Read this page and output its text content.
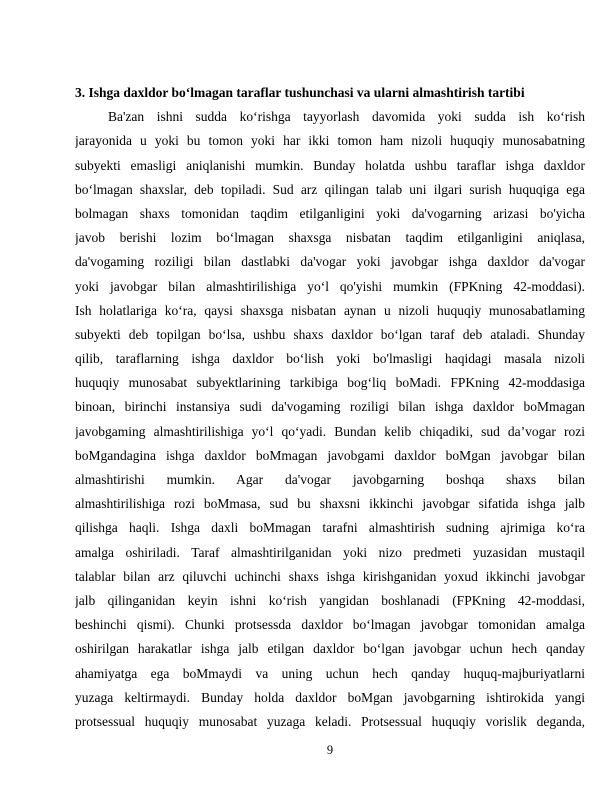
3. Ishga daxldor boʻlmagan taraflar tushunchasi va ularni almashtirish tartibi
Ba'zan ishni sudda koʻrishga tayyorlash davomida yoki sudda ish koʻrish
jarayonida u yoki bu tomon yoki har ikki tomon ham nizoli huquqiy munosabatning
subyekti emasligi aniqlanishi mumkin. Bunday holatda ushbu taraflar ishga daxldor
boʻlmagan shaxslar, deb topiladi. Sud arz qilingan talab uni ilgari surish huquqiga ega
bolmagan shaxs tomonidan taqdim etilganligini yoki da'vogarning arizasi bo'yicha
javob berishi lozim boʻlmagan shaxsga nisbatan taqdim etilganligini aniqlasa,
da'vogaming roziligi bilan dastlabki da'vogar yoki javobgar ishga daxldor da'vogar
yoki javobgar bilan almashtirilishiga yoʻl qo'yishi mumkin (FPKning 42-moddasi).
Ish holatlariga koʻra, qaysi shaxsga nisbatan aynan u nizoli huquqiy munosabatlaming
subyekti deb topilgan boʻlsa, ushbu shaxs daxldor boʻlgan taraf deb ataladi. Shunday
qilib, taraflarning ishga daxldor boʻlish yoki bo'lmasligi haqidagi masala nizoli
huquqiy munosabat subyektlarining tarkibiga bogʻliq boMadi. FPKning 42-moddasiga
binoan, birinchi instansiya sudi da'vogaming roziligi bilan ishga daxldor boMmagan
javobgaming almashtirilishiga yoʻl qoʻyadi. Bundan kelib chiqadiki, sud da’vogar rozi
boMgandagina ishga daxldor boMmagan javobgami daxldor boMgan javobgar bilan
almashtirishi mumkin. Agar da'vogar javobgarning boshqa shaxs bilan
almashtirilishiga rozi boMmasa, sud bu shaxsni ikkinchi javobgar sifatida ishga jalb
qilishga haqli. Ishga daxli boMmagan tarafni almashtirish sudning ajrimiga koʻra
amalga oshiriladi. Taraf almashtirilganidan yoki nizo predmeti yuzasidan mustaqil
talablar bilan arz qiluvchi uchinchi shaxs ishga kirishganidan yoxud ikkinchi javobgar
jalb qilinganidan keyin ishni koʻrish yangidan boshlanadi (FPKning 42-moddasi,
beshinchi qismi). Chunki protsessda daxldor boʻlmagan javobgar tomonidan amalga
oshirilgan harakatlar ishga jalb etilgan daxldor boʻlgan javobgar uchun hech qanday
ahamiyatga ega boMmaydi va uning uchun hech qanday huquq-majburiyatlarni
yuzaga keltirmaydi. Bunday holda daxldor boMgan javobgarning ishtirokida yangi
protsessual huquqiy munosabat yuzaga keladi. Protsessual huquqiy vorislik deganda,
9
